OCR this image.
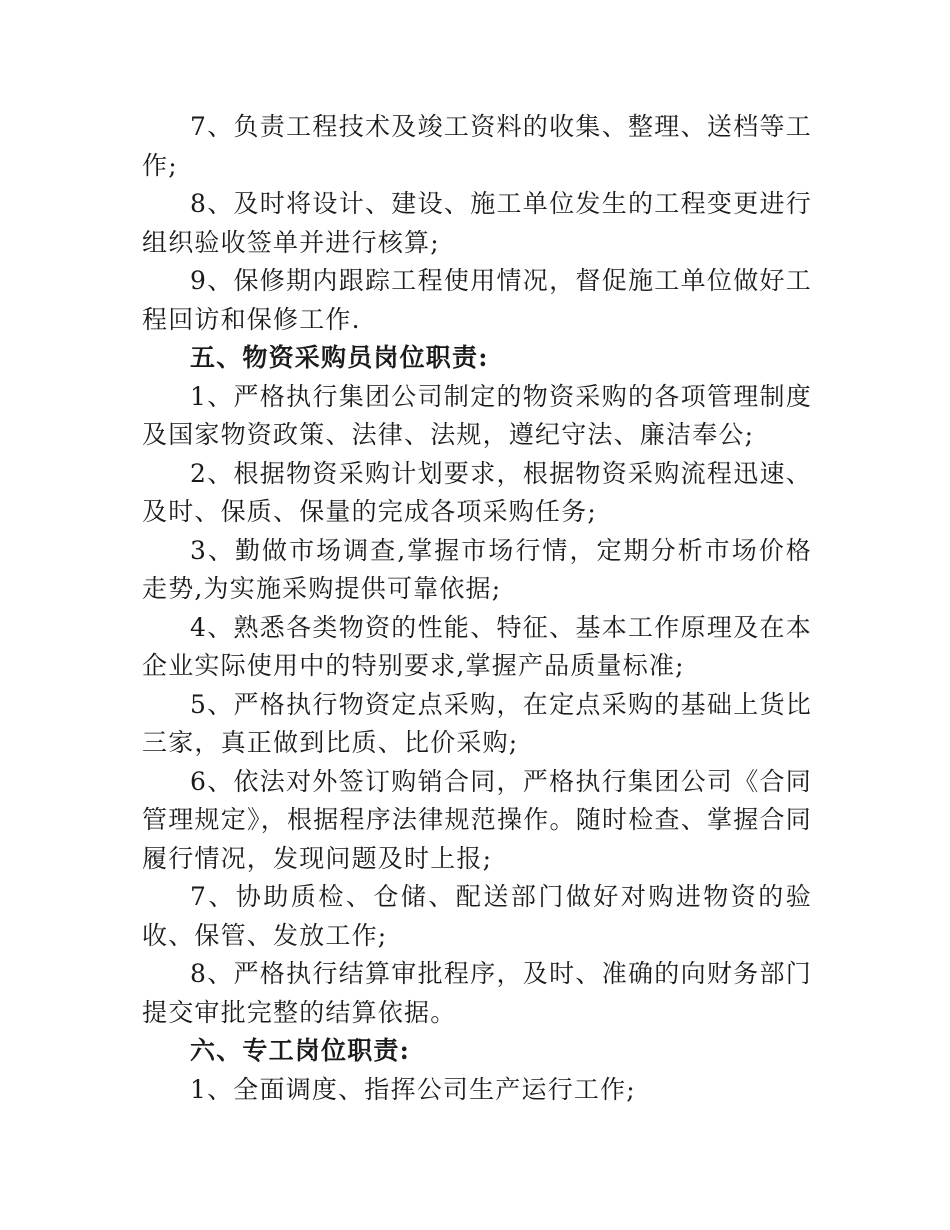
7、负责工程技术及竣工资料的收集、整理、送档等工作;

8、及时将设计、建设、施工单位发生的工程变更进行组织验收签单并进行核算;

9、保修期内跟踪工程使用情况，督促施工单位做好工程回访和保修工作.

五、物资采购员岗位职责:

1、严格执行集团公司制定的物资采购的各项管理制度及国家物资政策、法律、法规，遵纪守法、廉洁奉公;

2、根据物资采购计划要求，根据物资采购流程迅速、及时、保质、保量的完成各项采购任务;

3、勤做市场调查,掌握市场行情，定期分析市场价格走势,为实施采购提供可靠依据;

4、熟悉各类物资的性能、特征、基本工作原理及在本企业实际使用中的特别要求,掌握产品质量标准;

5、严格执行物资定点采购，在定点采购的基础上货比三家，真正做到比质、比价采购;

6、依法对外签订购销合同，严格执行集团公司《合同管理规定》，根据程序法律规范操作。随时检查、掌握合同履行情况，发现问题及时上报;

7、协助质检、仓储、配送部门做好对购进物资的验收、保管、发放工作;

8、严格执行结算审批程序，及时、准确的向财务部门提交审批完整的结算依据。

六、专工岗位职责:

1、全面调度、指挥公司生产运行工作;
